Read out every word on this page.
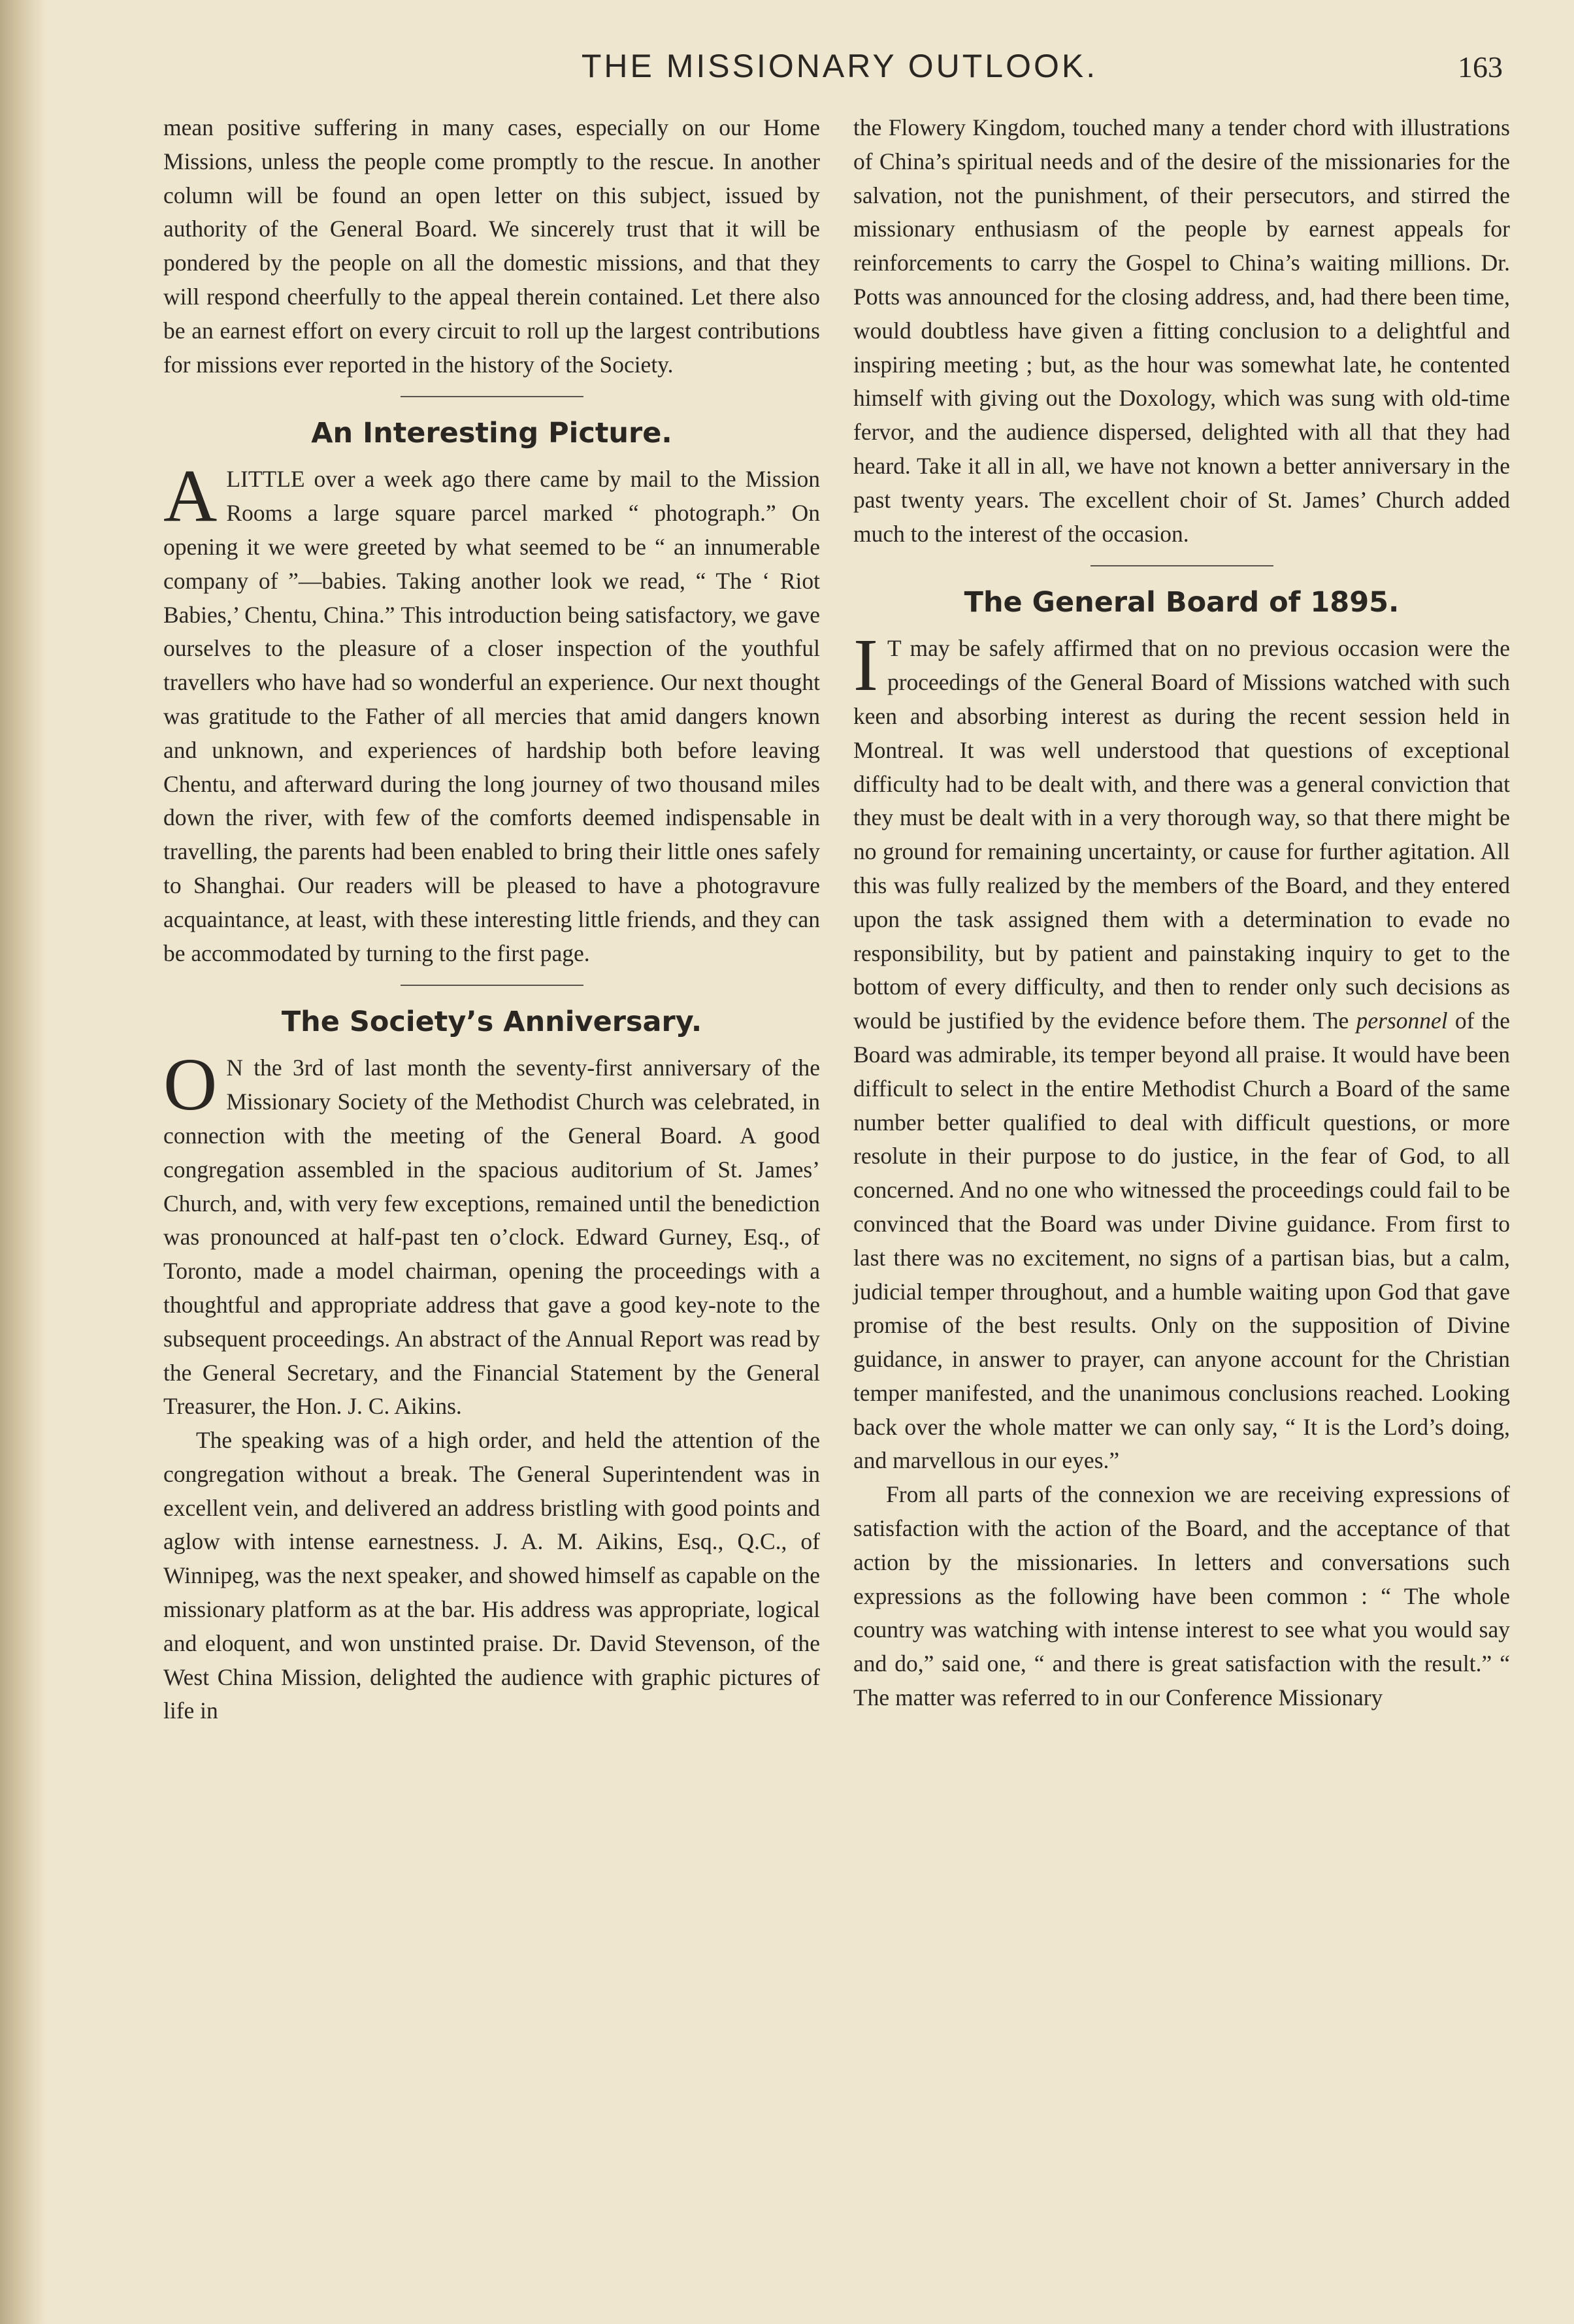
THE MISSIONARY OUTLOOK.	163

mean positive suffering in many cases, especially on our Home Missions, unless the people come promptly to the rescue. In another column will be found an open letter on this subject, issued by authority of the General Board. We sincerely trust that it will be pondered by the people on all the domestic missions, and that they will respond cheerfully to the appeal therein contained. Let there also be an earnest effort on every circuit to roll up the largest contributions for missions ever reported in the history of the Society.

An Interesting Picture.

ALITTLE over a week ago there came by mail to the Mission Rooms a large square parcel marked “ photograph.” On opening it we were greeted by what seemed to be “ an innumerable company of ”—babies. Taking another look we read, “ The ‘ Riot Babies,’ Chentu, China.” This introduction being satisfactory, we gave ourselves to the pleasure of a closer inspection of the youthful travellers who have had so wonderful an experience. Our next thought was gratitude to the Father of all mercies that amid dangers known and unknown, and experiences of hardship both before leaving Chentu, and afterward during the long journey of two thousand miles down the river, with few of the comforts deemed indispensable in travelling, the parents had been enabled to bring their little ones safely to Shanghai. Our readers will be pleased to have a photogravure acquaintance, at least, with these interesting little friends, and they can be accommodated by turning to the first page.

The Society’s Anniversary.

O N the 3rd of last month the seventy-first anniversary of the Missionary Society of the Methodist Church was celebrated, in connection with the meeting of the General Board. A good congregation assembled in the spacious auditorium of St. James’ Church, and, with very few exceptions, remained until the benediction was pronounced at half-past ten o’clock. Edward Gurney, Esq., of Toronto, made a model chairman, opening the proceedings with a thoughtful and appropriate address that gave a good key-note to the subsequent proceedings. An abstract of the Annual Report was read by the General Secretary, and the Financial Statement by the General Treasurer, the Hon. J. C. Aikins.

The speaking was of a high order, and held the attention of the congregation without a break. The General Superintendent was in excellent vein, and delivered an address bristling with good points and aglow with intense earnestness. J. A. M. Aikins, Esq., Q.C., of Winnipeg, was the next speaker, and showed himself as capable on the missionary platform as at the bar. His address was appropriate, logical and eloquent, and won unstinted praise. Dr. David Stevenson, of the West China Mission, delighted the audience with graphic pictures of life in

the Flowery Kingdom, touched many a tender chord with illustrations of China’s spiritual needs and of the desire of the missionaries for the salvation, not the punishment, of their persecutors, and stirred the missionary enthusiasm of the people by earnest appeals for reinforcements to carry the Gospel to China’s waiting millions. Dr. Potts was announced for the closing address, and, had there been time, would doubtless have given a fitting conclusion to a delightful and inspiring meeting ; but, as the hour was somewhat late, he contented himself with giving out the Doxology, which was sung with old-time fervor, and the audience dispersed, delighted with all that they had heard. Take it all in all, we have not known a better anniversary in the past twenty years. The excellent choir of St. James’ Church added much to the interest of the occasion.

The General Board of 1895.

I T may be safely affirmed that on no previous occasion were the proceedings of the General Board of Missions watched with such keen and absorbing interest as during the recent session held in Montreal. It was well understood that questions of exceptional difficulty had to be dealt with, and there was a general conviction that they must be dealt with in a very thorough way, so that there might be no ground for remaining uncertainty, or cause for further agitation. All this was fully realized by the members of the Board, and they entered upon the task assigned them with a determination to evade no responsibility, but by patient and painstaking inquiry to get to the bottom of every difficulty, and then to render only such decisions as would be justified by the evidence before them. The personnel of the Board was admirable, its temper beyond all praise. It would have been difficult to select in the entire Methodist Church a Board of the same number better qualified to deal with difficult questions, or more resolute in their purpose to do justice, in the fear of God, to all concerned. And no one who witnessed the proceedings could fail to be convinced that the Board was under Divine guidance. From first to last there was no excitement, no signs of a partisan bias, but a calm, judicial temper throughout, and a humble waiting upon God that gave promise of the best results. Only on the supposition of Divine guidance, in answer to prayer, can anyone account for the Christian temper manifested, and the unanimous conclusions reached. Looking back over the whole matter we can only say, “ It is the Lord’s doing, and marvellous in our eyes.”

From all parts of the connexion we are receiving expressions of satisfaction with the action of the Board, and the acceptance of that action by the missionaries. In letters and conversations such expressions as the following have been common : “ The whole country was watching with intense interest to see what you would say and do,” said one, “ and there is great satisfaction with the result.” “ The matter was referred to in our Conference Missionary
